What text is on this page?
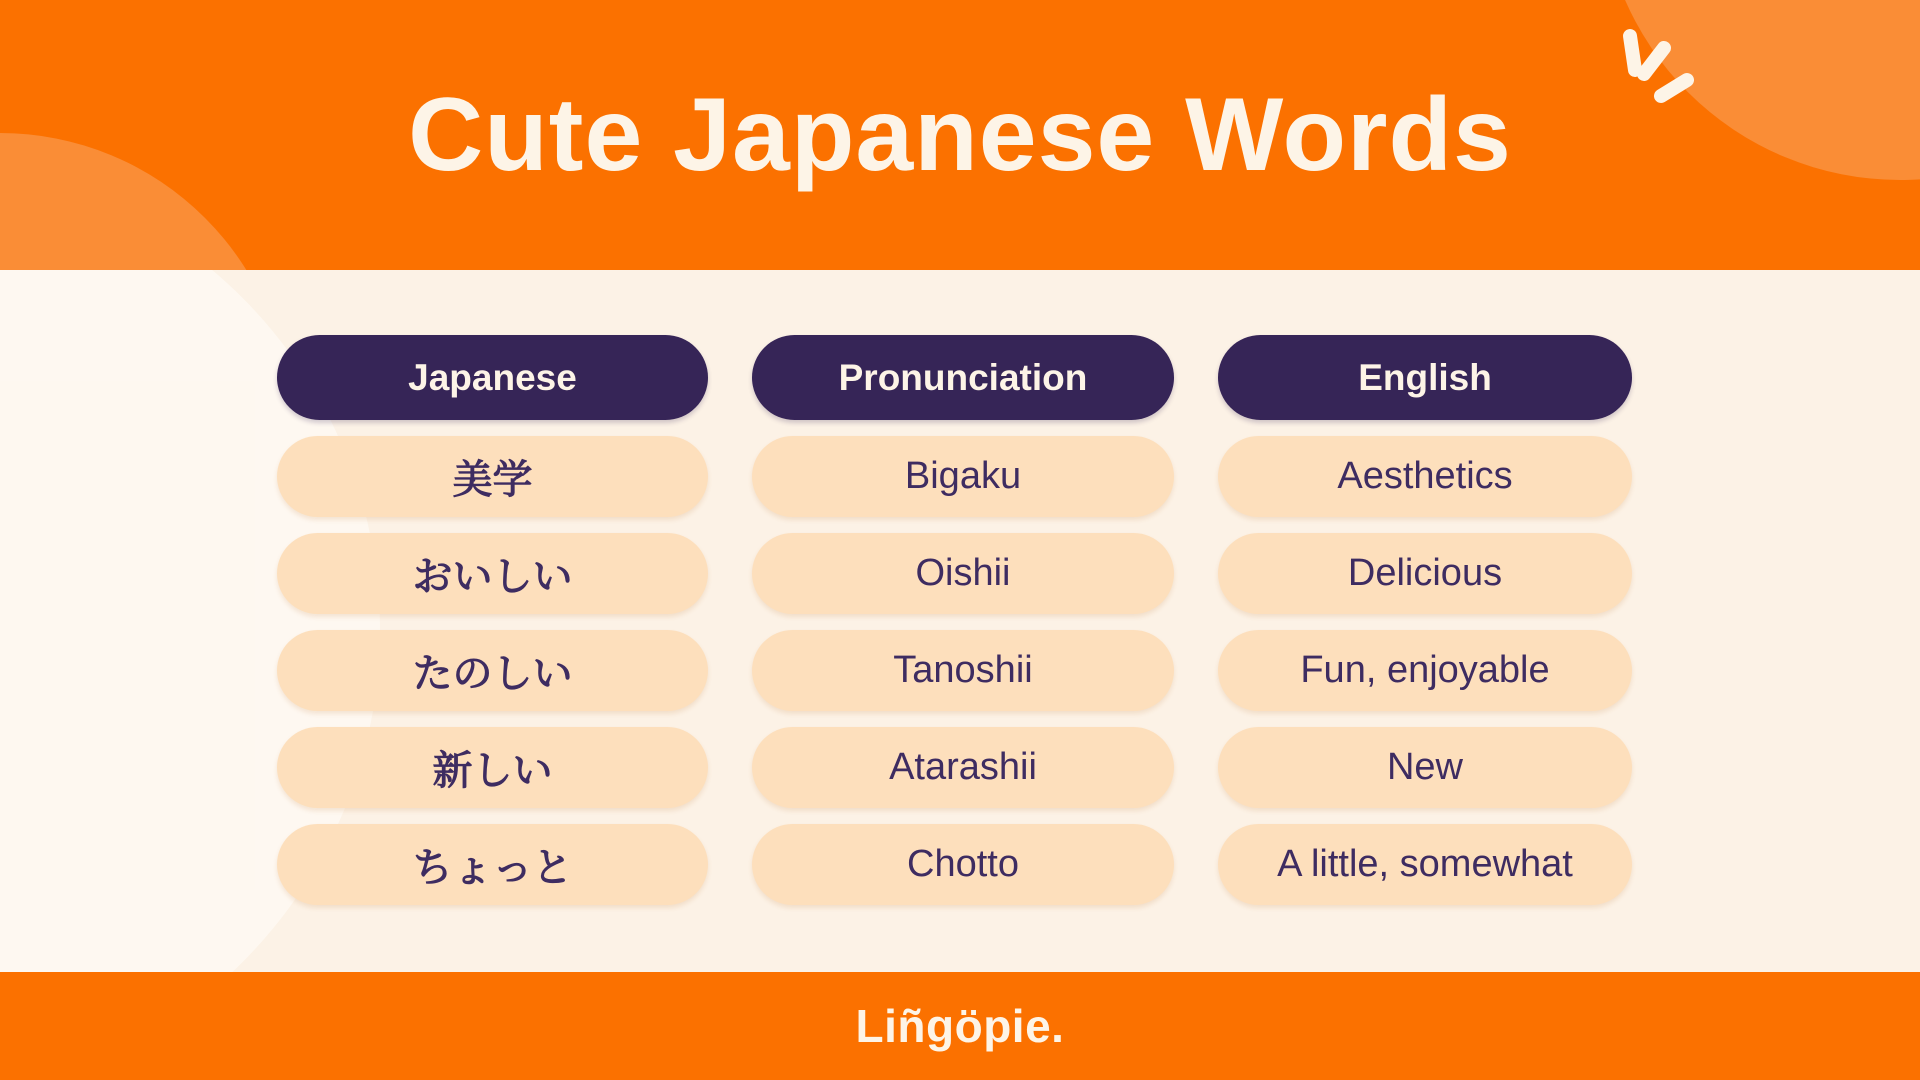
Cute Japanese Words
Japanese	Pronunciation	English
美学	Bigaku	Aesthetics
おいしい	Oishii	Delicious
たのしい	Tanoshii	Fun, enjoyable
新しい	Atarashii	New
ちょっと	Chotto	A little, somewhat
Liñgöpie.
